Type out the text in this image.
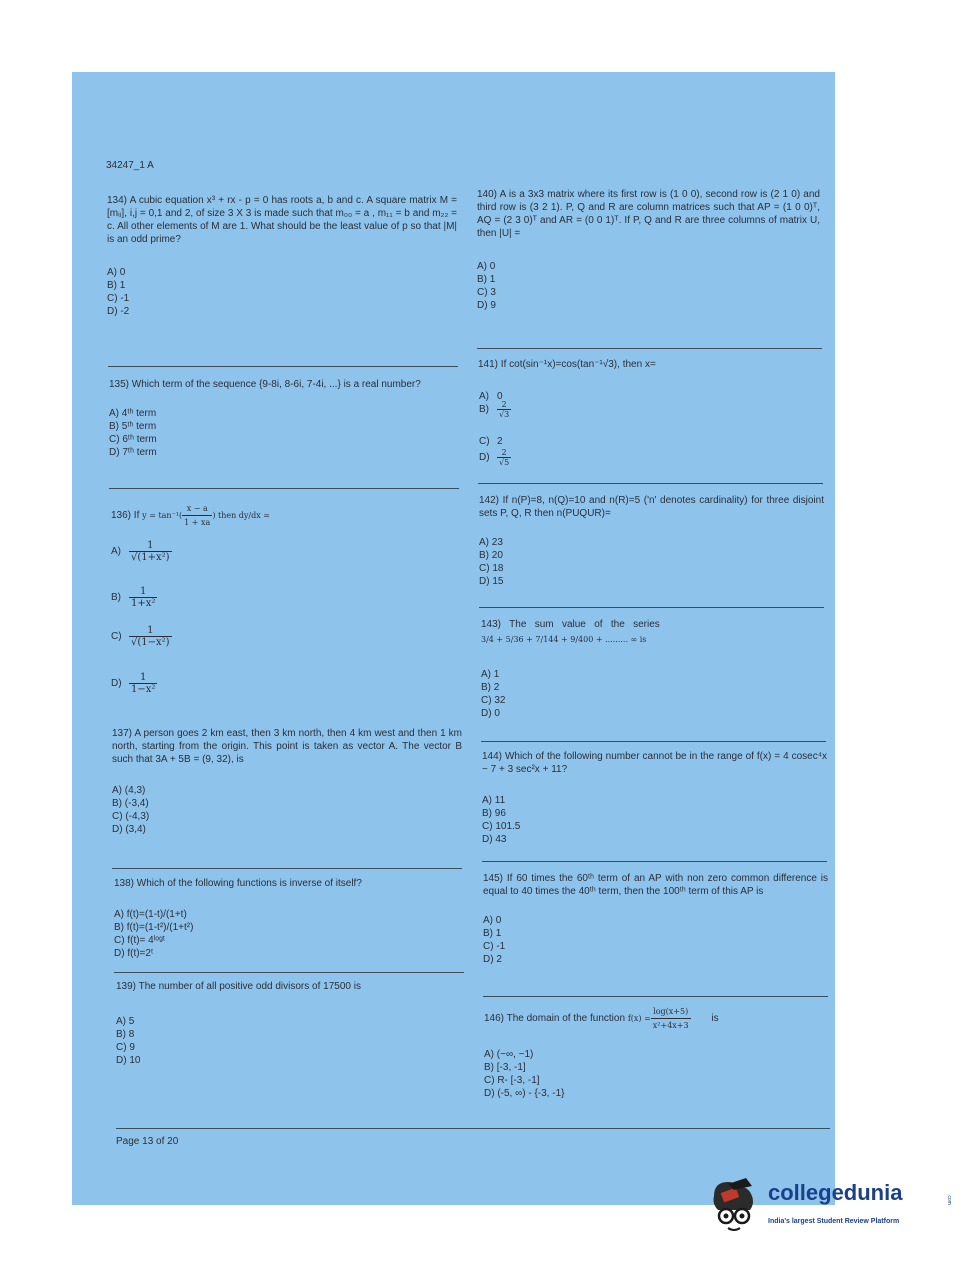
34247_1 A
134) A cubic equation x³ + rx - p = 0 has roots a, b and c. A square matrix M = [mᵢⱼ], i,j = 0,1 and 2, of size 3 X 3 is made such that m₀₀ = a , m₁₁ = b and m₂₂ = c. All other elements of M are 1. What should be the least value of p so that |M| is an odd prime?
A) 0
B) 1
C) -1
D) -2
135) Which term of the sequence {9-8i, 8-6i, 7-4i, ...} is a real number?
A) 4ᵗʰ term
B) 5ᵗʰ term
C) 6ᵗʰ term
D) 7ᵗʰ term
136) If $y = \tan^{-1}( \frac{x - a}{1 + xa}$ ) then dy/dx =
$A) \frac{1}{\text{√(1+x²)}}$
$B) \frac{1}{\text{1+x²}}$
$C) \frac{1}{\text{√(1−x²)}}$
$D) \frac{1}{\text{1−x²}}$
137) A person goes 2 km east, then 3 km north, then 4 km west and then 1 km north, starting from the origin. This point is taken as vector A. The vector B such that 3A + 5B = (9, 32), is
A) (4,3)
B) (-3,4)
C) (-4,3)
D) (3,4)
138) Which of the following functions is inverse of itself?
A) f(t)=(1-t)/(1+t)
B) f(t)=(1-t²)/(1+t²)
C) f(t)= 4ˡᵒᵍᵗ
D) f(t)=2ᵗ
139) The number of all positive odd divisors of 17500 is
A) 5
B) 8
C) 9
D) 10
Page 13 of 20
140) A is a 3x3 matrix where its first row is (1 0 0), second row is (2 1 0) and third row is (3 2 1). P, Q and R are column matrices such that AP = (1 0 0)ᵀ, AQ = (2 3 0)ᵀ and AR = (0 0 1)ᵀ. If P, Q and R are three columns of matrix U, then |U| =
A) 0
B) 1
C) 3
D) 9
141) If cot(sin⁻¹x)=cos(tan⁻¹√3), then x=
A) 0
$B) \frac{2}{√3}$
C) 2
$D) \frac{2}{√5}$
142) If n(P)=8, n(Q)=10 and n(R)=5 ('n' denotes cardinality) for three disjoint sets P, Q, R then n(PUQUR)=
A) 23
B) 20
C) 18
D) 15
143)   The   sum   value   of   the   series
3/4 + 5/36 + 7/144 + 9/400 + ......... ∞ is
A) 1
B) 2
C) 32
D) 0
144) Which of the following number cannot be in the range of f(x) = 4 cosec⁴x − 7 + 3 sec²x + 11?
A) 11
B) 96
C) 101.5
D) 43
145) If 60 times the 60ᵗʰ term of an AP with non zero common difference is equal to 40 times the 40ᵗʰ term, then the 100ᵗʰ term of this AP is
A) 0
B) 1
C) -1
D) 2
146) The domain of the function $f(x) = \frac{\log(x+5)}{\text{x²+4x+3}}$ is
A) (−∞, −1)
B) [-3, -1]
C) R- [-3, -1]
D) (-5, ∞) - {-3, -1}
collegedunia	.com
India's largest Student Review Platform
